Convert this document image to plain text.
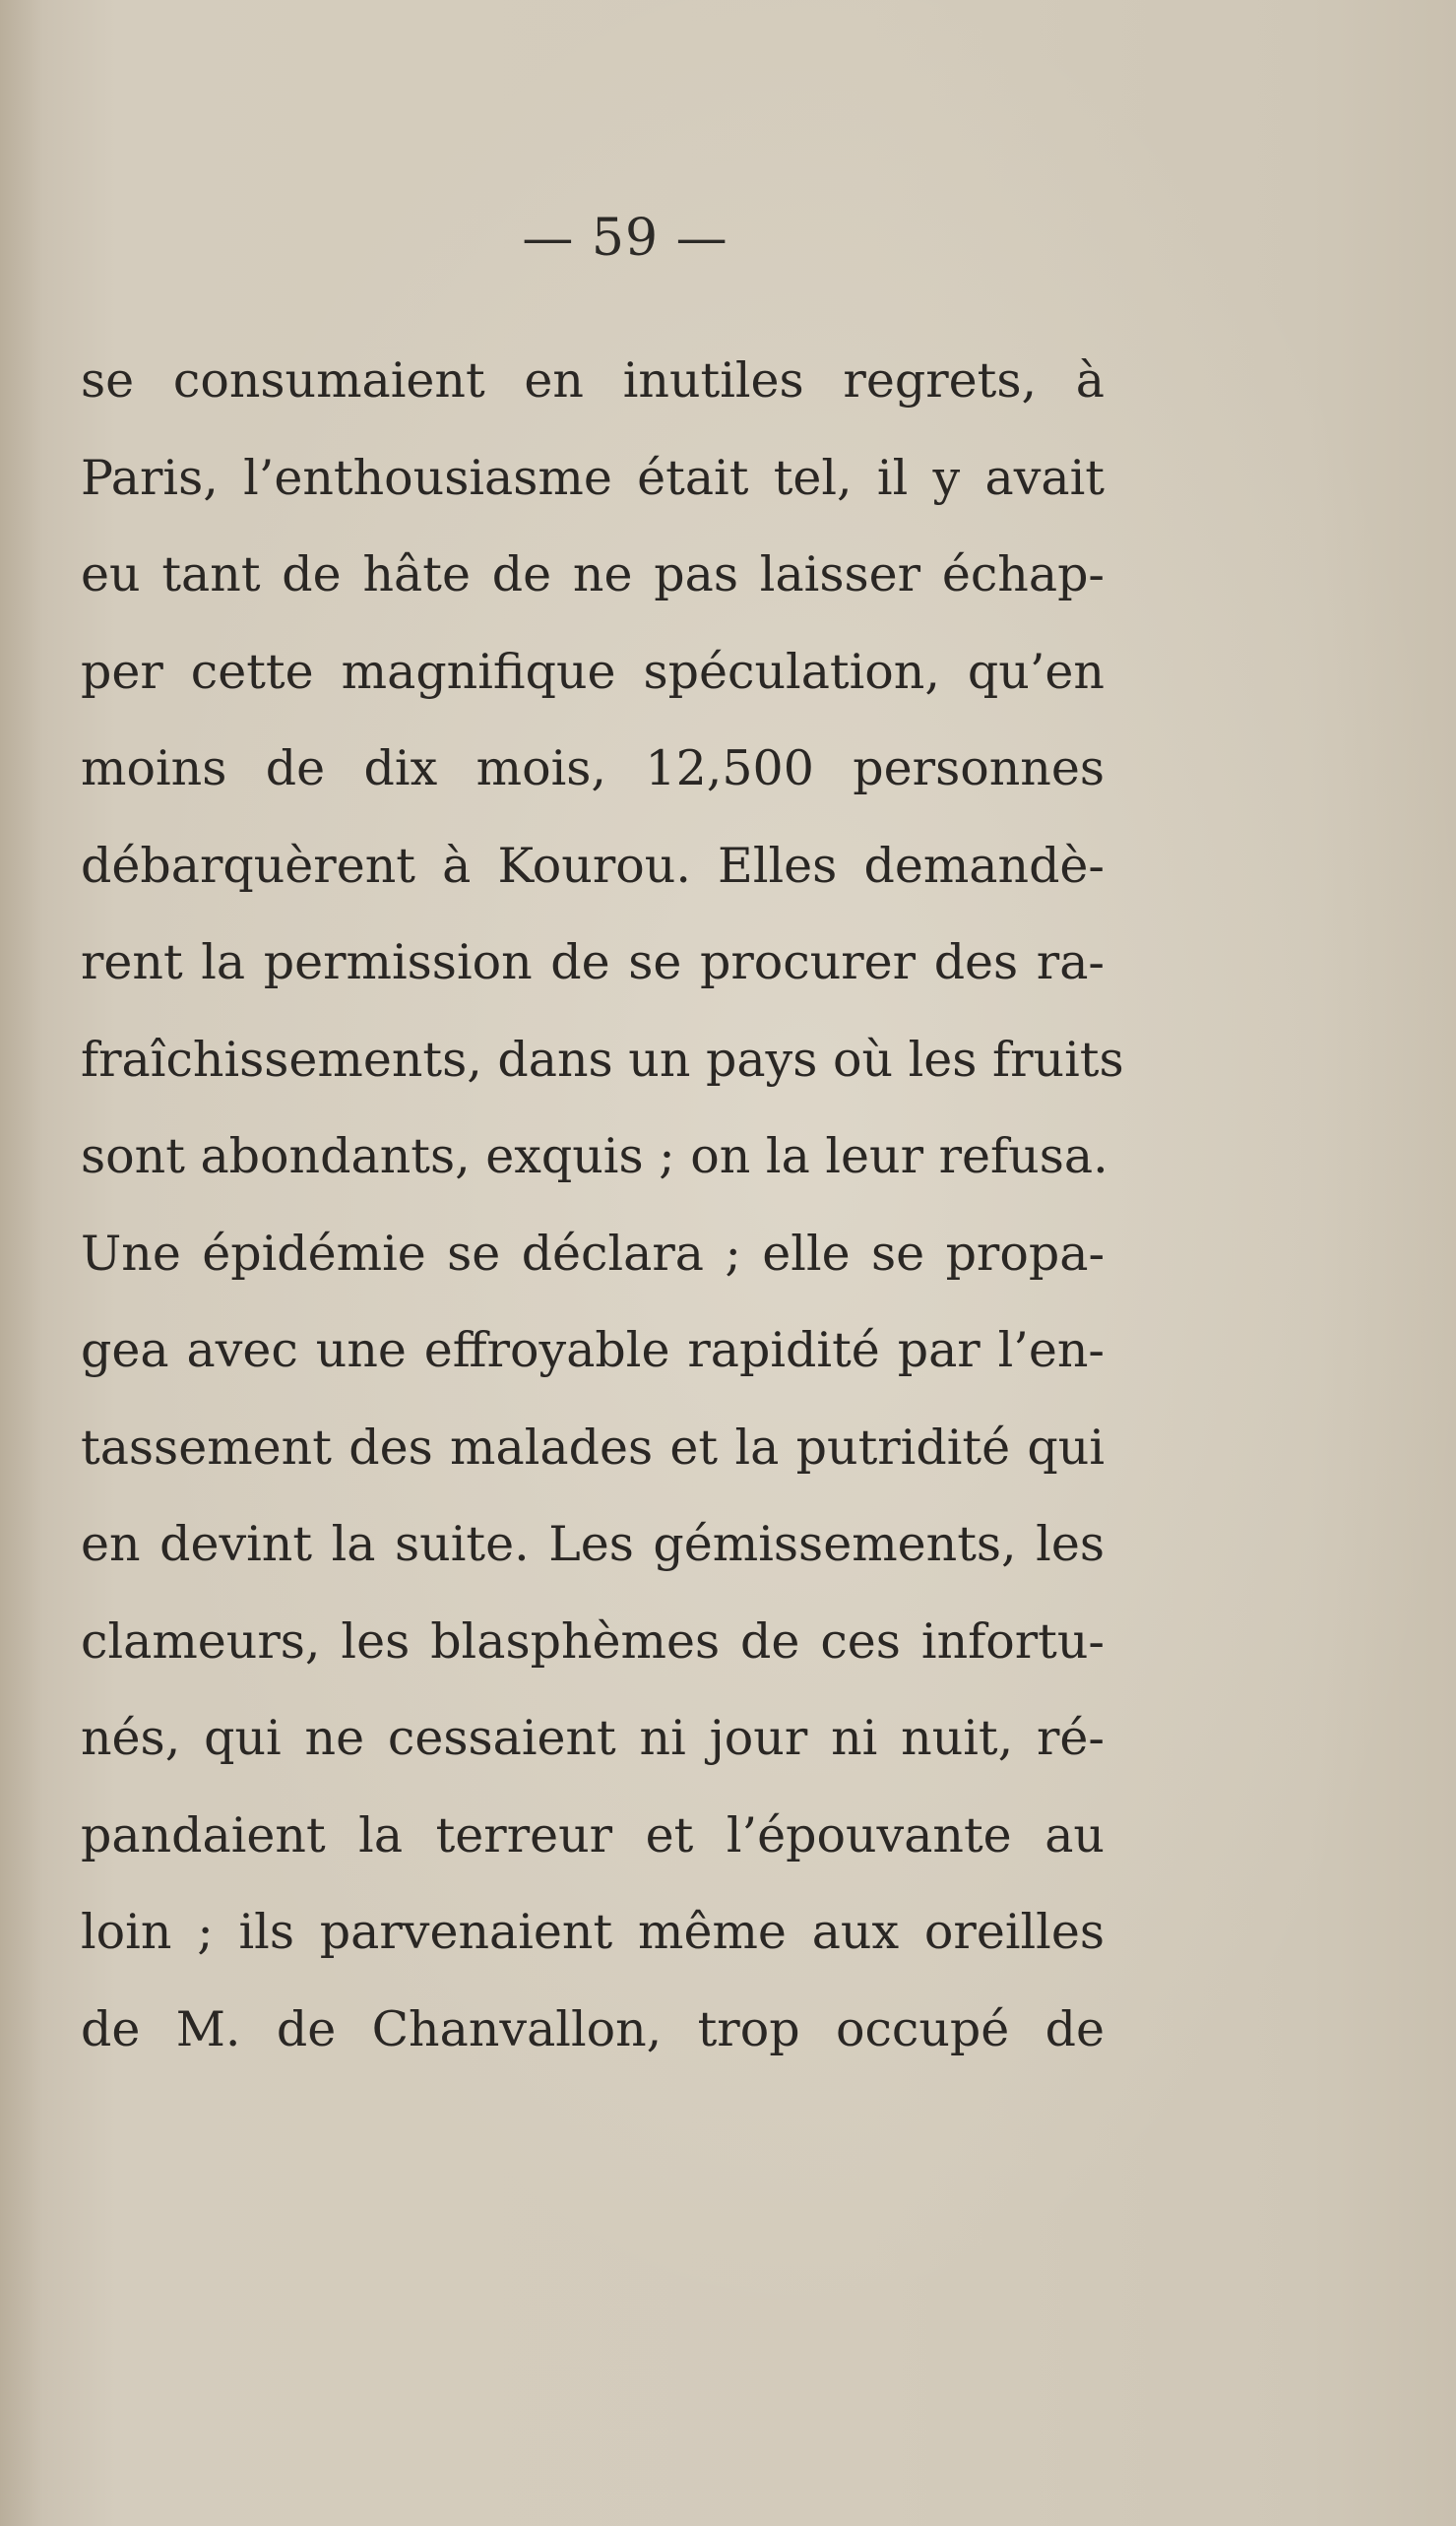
— 59 —
se consumaient en inutiles regrets, à
Paris, l’enthousiasme était tel, il y avait
eu tant de hâte de ne pas laisser échap-
per cette magnifique spéculation, qu’en
moins de dix mois, 12,500 personnes
débarquèrent à Kourou. Elles demandè-
rent la permission de se procurer des ra-
fraîchissements, dans un pays où les fruits
sont abondants, exquis ; on la leur refusa.
Une épidémie se déclara ; elle se propa-
gea avec une effroyable rapidité par l’en-
tassement des malades et la putridité qui
en devint la suite. Les gémissements, les
clameurs, les blasphèmes de ces infortu-
nés, qui ne cessaient ni jour ni nuit, ré-
pandaient la terreur et l’épouvante au
loin ; ils parvenaient même aux oreilles
de M. de Chanvallon, trop occupé de
